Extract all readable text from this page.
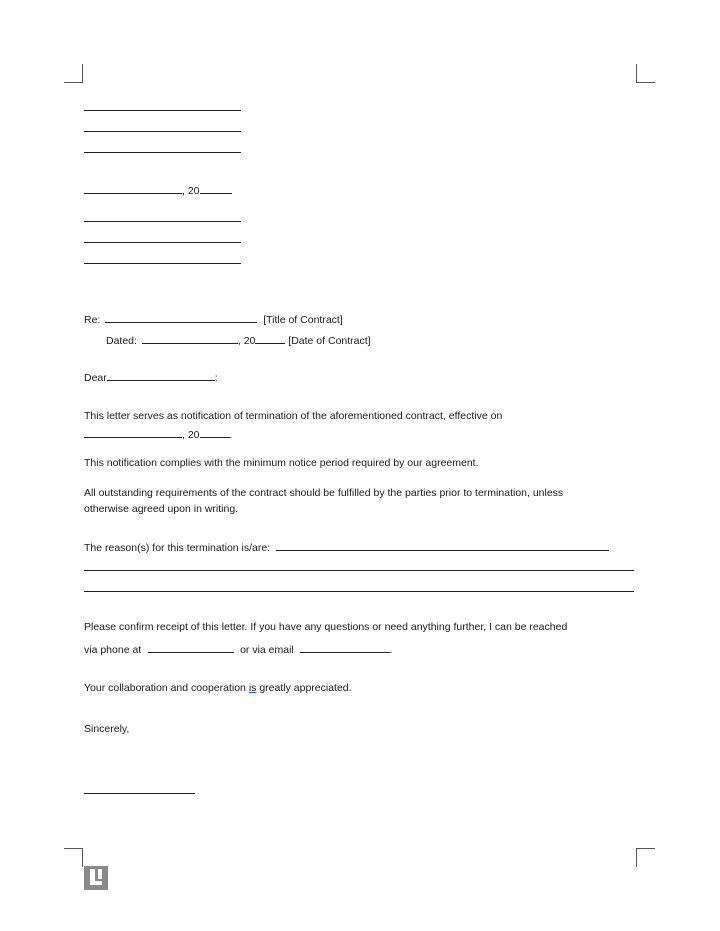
, 20
Re:	[Title of Contract]
Dated:	, 20	[Date of Contract]
Dear	:
This letter serves as notification of termination of the aforementioned contract, effective on
, 20	.
This notification complies with the minimum notice period required by our agreement.
All outstanding requirements of the contract should be fulfilled by the parties prior to termination, unless
otherwise agreed upon in writing.
The reason(s) for this termination is/are:
Please confirm receipt of this letter. If you have any questions or need anything further, I can be reached
via phone at	or via email	.
Your collaboration and cooperation is greatly appreciated.
Sincerely,
